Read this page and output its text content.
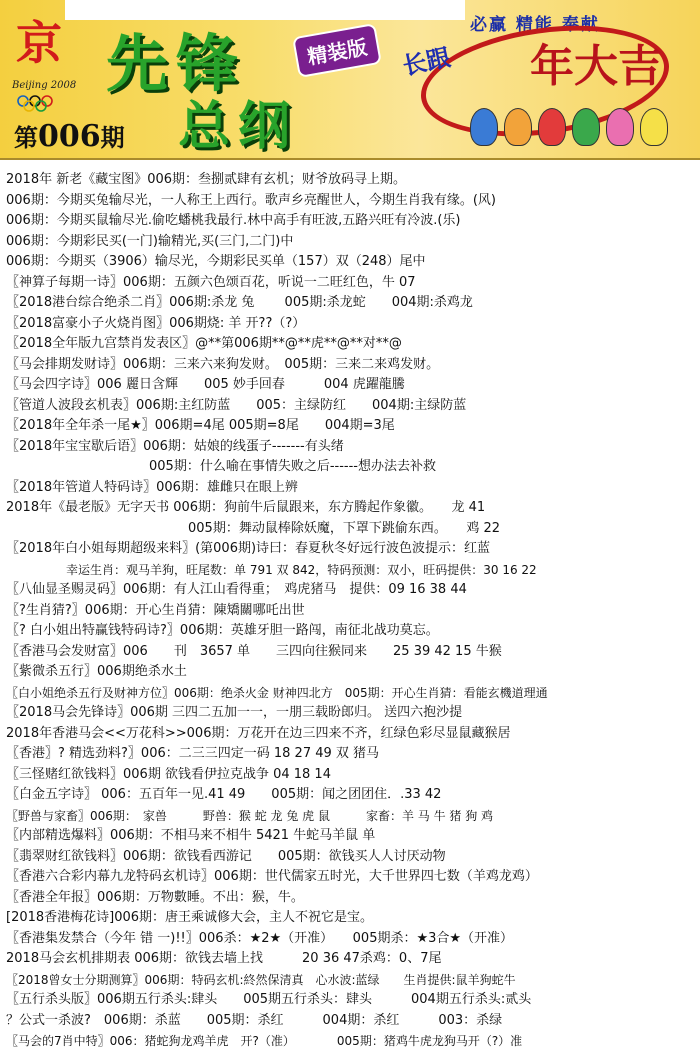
京
Beijing 2008 先锋
总纲
精装版
必赢 精能 奉献
长跟 年大吉
第006期
2018年 新老《藏宝图》006期：叁捌贰肆有玄机；财爷放码寻上期。
006期：今期买兔输尽光，一人称王上西行。歌声乡亮醒世人，今期生肖我有缘。(风)
006期：今期买鼠输尽光.偷吃蟠桃我最行.林中高手有旺波,五路兴旺有冷波.(乐)
006期：今期彩民买(一门)输精光,买(三门,二门)中
006期：今期买（3906）输尽光，今期彩民买单（157）双（248）尾中
〖神算子每期一诗〗006期：五颜六色颂百花，听说一二旺红色，牛 07
〖2018港台综合绝杀二肖〗006期:杀龙 兔　　 005期:杀龙蛇　　004期:杀鸡龙
〖2018富豪小子火烧肖图〗006期烧: 羊 开??（?）
〖2018全年版九宫禁肖发表区〗@**第006期**@**虎**@**对**@
〖马会排期发财诗〗006期：三来六来狗发财。　005期：三来二来鸡发财。
〖马会四字诗〗006 麗日含輝　　005 妙手回春　　　004 虎躍龍騰
〖管道人波段玄机表〗006期:主红防蓝　　005：主绿防红　　004期:主绿防蓝
〖2018年全年杀一尾★〗006期=4尾 005期=8尾　　004期=3尾
〖2018年宝宝歇后语〗006期：姑娘的线蛋子-------有头绪
　　　　　　　　　　　005期：什么喻在事情失败之后------想办法去补救
〖2018年管道人特码诗〗006期：雄雌只在眼上辨
2018年《最老版》无字天书 006期：狗前牛后鼠跟来，东方腾起作象徽。　　龙 41
　　　　　　　　　　　　　　005期：舞动鼠棒除妖魔，下罩下跳偷东西。　　鸡 22
〖2018年白小姐每期超级来料〗(第006期)诗曰：春夏秋冬好远行波色波提示：红蓝
　　　　　幸运生肖：观马羊狗，旺尾数：单 791 双 842，特码预测：双小，旺码提供：30 16 22
〖八仙显圣赐灵码〗006期：有人江山看得重；　鸡虎猪马　提供：09 16 38 44
〖?生肖猜?〗006期：开心生肖猜：陳矯關哪吒出世
〖? 白小姐出特赢钱特码诗?〗006期：英雄牙胆一路闯，南征北战功莫忘。
〖香港马会发财富〗006　　刊　3657 单　　三四向往猴同来　　25 39 42 15 牛猴
〖紫微杀五行〗006期绝杀水土
〖白小姐绝杀五行及财神方位〗006期：绝杀火金 财神四北方　005期：开心生肖猜：看能玄機道理通
〖2018马会先锋诗〗006期 三四二五加一一，一朋三载盼郎归。 送四六抱沙提
2018年香港马会<<万花科>>006期：万花开在边三四来不齐，红绿色彩尽显鼠藏猴居
〖香港〗? 精选劲料?〗006：二三三四定一码 18 27 49 双 猪马
〖三怪赌红欲钱料〗006期 欲钱看伊拉克战争 04 18 14
〖白金五字诗〗 006：五百年一见.41 49　　005期：闻之团团住．.33 42
〖野兽与家畜〗006期：　家兽　　　野兽：猴 蛇 龙 兔 虎 鼠　　　家畜：羊 马 牛 猪 狗 鸡
〖内部精选爆料〗006期：不相马来不相牛 5421 牛蛇马羊鼠 单
〖翡翠财红欲钱料〗006期：欲钱看西游记　　005期：欲钱买人人讨厌动物
〖香港六合彩内幕九龙特码玄机诗〗006期：世代儒家五时光，大千世界四七数（羊鸡龙鸡）
〖香港全年报〗006期：万物數睡。不出：猴，牛。
[2018香港梅花诗]006期：唐王乘诚修大会，主人不祝它是宝。
〖香港集发禁合（今年 错 一)!!〗006杀：★2★（开准）　　005期杀：★3合★（开准）
2018马会玄机排期表 006期：欲钱去墙上找　　　20 36 47杀鸡：0、7尾
〖2018曾女士分期测算〗006期：特码玄机:終然保清真　心水波:蓝绿　　生肖提供:鼠羊狗蛇牛
〖五行杀头版〗006期五行杀头:肆头　　005期五行杀头：肆头　　　004期五行杀头:贰头
？公式一杀波?　006期：杀蓝　　005期：杀红　　　004期：杀红　　　003：杀绿
〖马会的7肖中特〗006：猪蛇狗龙鸡羊虎　开?（准）　　　　005期：猪鸡牛虎龙狗马开（?）准
